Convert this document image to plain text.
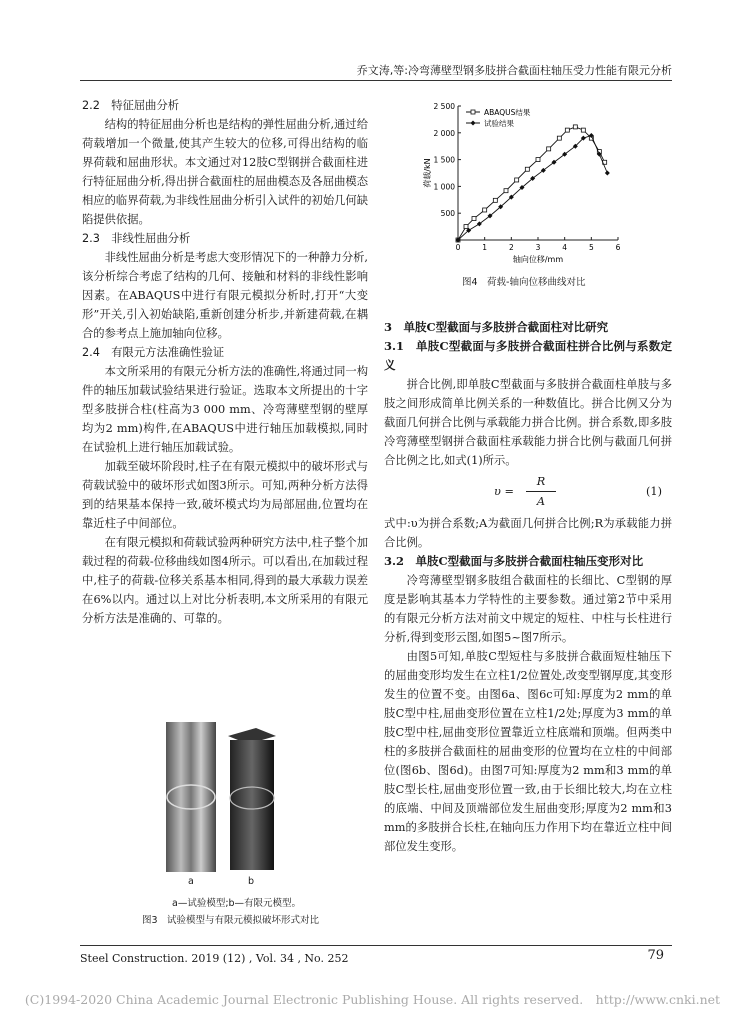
乔文涛,等:冷弯薄壁型钢多肢拼合截面柱轴压受力性能有限元分析
2.2　特征屈曲分析

结构的特征屈曲分析也是结构的弹性屈曲分析,通过给荷载增加一个微量,使其产生较大的位移,可得出结构的临界荷载和屈曲形状。本文通过对12肢C型钢拼合截面柱进行特征屈曲分析,得出拼合截面柱的屈曲模态及各屈曲模态相应的临界荷载,为非线性屈曲分析引入试件的初始几何缺陷提供依据。

2.3　非线性屈曲分析

非线性屈曲分析是考虑大变形情况下的一种静力分析,该分析综合考虑了结构的几何、接触和材料的非线性影响因素。在ABAQUS中进行有限元模拟分析时,打开“大变形”开关,引入初始缺陷,重新创建分析步,并新建荷载,在耦合的参考点上施加轴向位移。

2.4　有限元方法准确性验证

本文所采用的有限元分析方法的准确性,将通过同一构件的轴压加载试验结果进行验证。选取本文所提出的十字型多肢拼合柱(柱高为3 000 mm、冷弯薄壁型钢的壁厚均为2 mm)构件,在ABAQUS中进行轴压加载模拟,同时在试验机上进行轴压加载试验。

加载至破坏阶段时,柱子在有限元模拟中的破坏形式与荷载试验中的破坏形式如图3所示。可知,两种分析方法得到的结果基本保持一致,破坏模式均为局部屈曲,位置均在靠近柱子中间部位。

在有限元模拟和荷载试验两种研究方法中,柱子整个加载过程的荷载-位移曲线如图4所示。可以看出,在加载过程中,柱子的荷载-位移关系基本相同,得到的最大承载力误差在6%以内。通过以上对比分析表明,本文所采用的有限元分析方法是准确的、可靠的。

a	b
a—试验模型;b—有限元模型。
图3　试验模型与有限元模拟破坏形式对比
0	1	2	3	4	5	6
500
1 000
1 500
2 000
2 500
轴向位移/mm
荷载/kN
ABAQUS结果
试验结果
图4　荷载-轴向位移曲线对比
3　单肢C型截面与多肢拼合截面柱对比研究
3.1　单肢C型截面与多肢拼合截面柱拼合比例与系数定义

拼合比例,即单肢C型截面与多肢拼合截面柱单肢与多肢之间形成简单比例关系的一种数值比。拼合比例又分为截面几何拼合比例与承载能力拼合比例。拼合系数,即多肢冷弯薄壁型钢拼合截面柱承载能力拼合比例与截面几何拼合比例之比,如式(1)所示。

$\upsilon = \frac{R}{A}$	(1)

式中:υ为拼合系数;A为截面几何拼合比例;R为承载能力拼合比例。

3.2　单肢C型截面与多肢拼合截面柱轴压变形对比

冷弯薄壁型钢多肢组合截面柱的长细比、C型钢的厚度是影响其基本力学特性的主要参数。通过第2节中采用的有限元分析方法对前文中规定的短柱、中柱与长柱进行分析,得到变形云图,如图5~图7所示。

由图5可知,单肢C型短柱与多肢拼合截面短柱轴压下的屈曲变形均发生在立柱1/2位置处,改变型钢厚度,其变形发生的位置不变。由图6a、图6c可知:厚度为2 mm的单肢C型中柱,屈曲变形位置在立柱1/2处;厚度为3 mm的单肢C型中柱,屈曲变形位置靠近立柱底端和顶端。但两类中柱的多肢拼合截面柱的屈曲变形的位置均在立柱的中间部位(图6b、图6d)。由图7可知:厚度为2 mm和3 mm的单肢C型长柱,屈曲变形位置一致,由于长细比较大,均在立柱的底端、中间及顶端部位发生屈曲变形;厚度为2 mm和3 mm的多肢拼合长柱,在轴向压力作用下均在靠近立柱中间部位发生变形。

Steel Construction. 2019 (12) , Vol. 34 , No. 252	79
(C)1994-2020 China Academic Journal Electronic Publishing House. All rights reserved.　http://www.cnki.net
